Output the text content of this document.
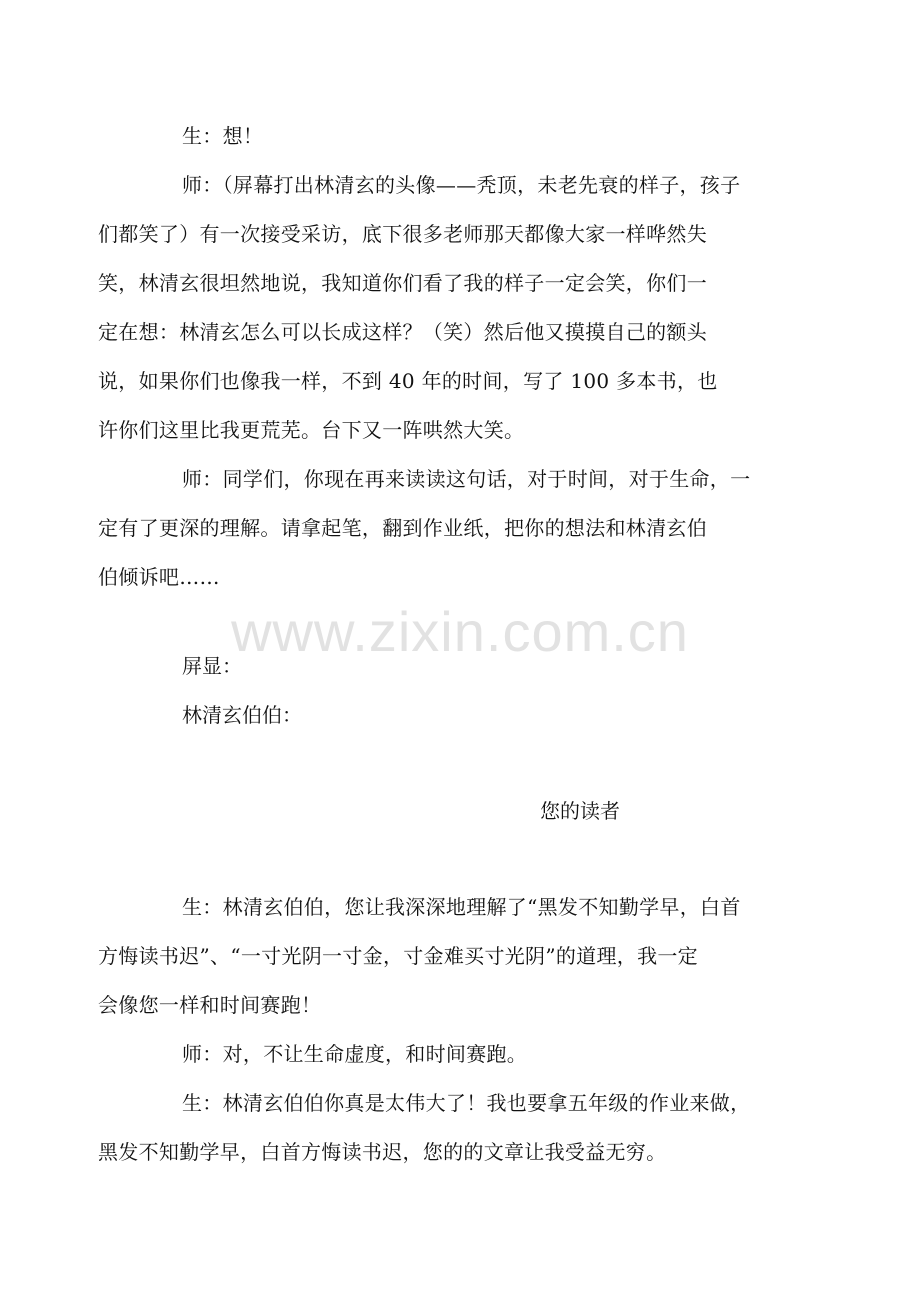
www.zixin.com.cn

生：想！

师：（屏幕打出林清玄的头像——秃顶，未老先衰的样子，孩子
们都笑了）有一次接受采访，底下很多老师那天都像大家一样哗然失
笑，林清玄很坦然地说，我知道你们看了我的样子一定会笑，你们一
定在想：林清玄怎么可以长成这样？（笑）然后他又摸摸自己的额头
说，如果你们也像我一样，不到 40 年的时间，写了 100 多本书，也
许你们这里比我更荒芜。台下又一阵哄然大笑。

师：同学们，你现在再来读读这句话，对于时间，对于生命，一
定有了更深的理解。请拿起笔，翻到作业纸，把你的想法和林清玄伯
伯倾诉吧……

屏显：
林清玄伯伯：
您的读者

生：林清玄伯伯，您让我深深地理解了“黑发不知勤学早，白首
方悔读书迟”、“一寸光阴一寸金，寸金难买寸光阴”的道理，我一定
会像您一样和时间赛跑！

师：对，不让生命虚度，和时间赛跑。

生：林清玄伯伯你真是太伟大了！我也要拿五年级的作业来做，
黑发不知勤学早，白首方悔读书迟，您的的文章让我受益无穷。
